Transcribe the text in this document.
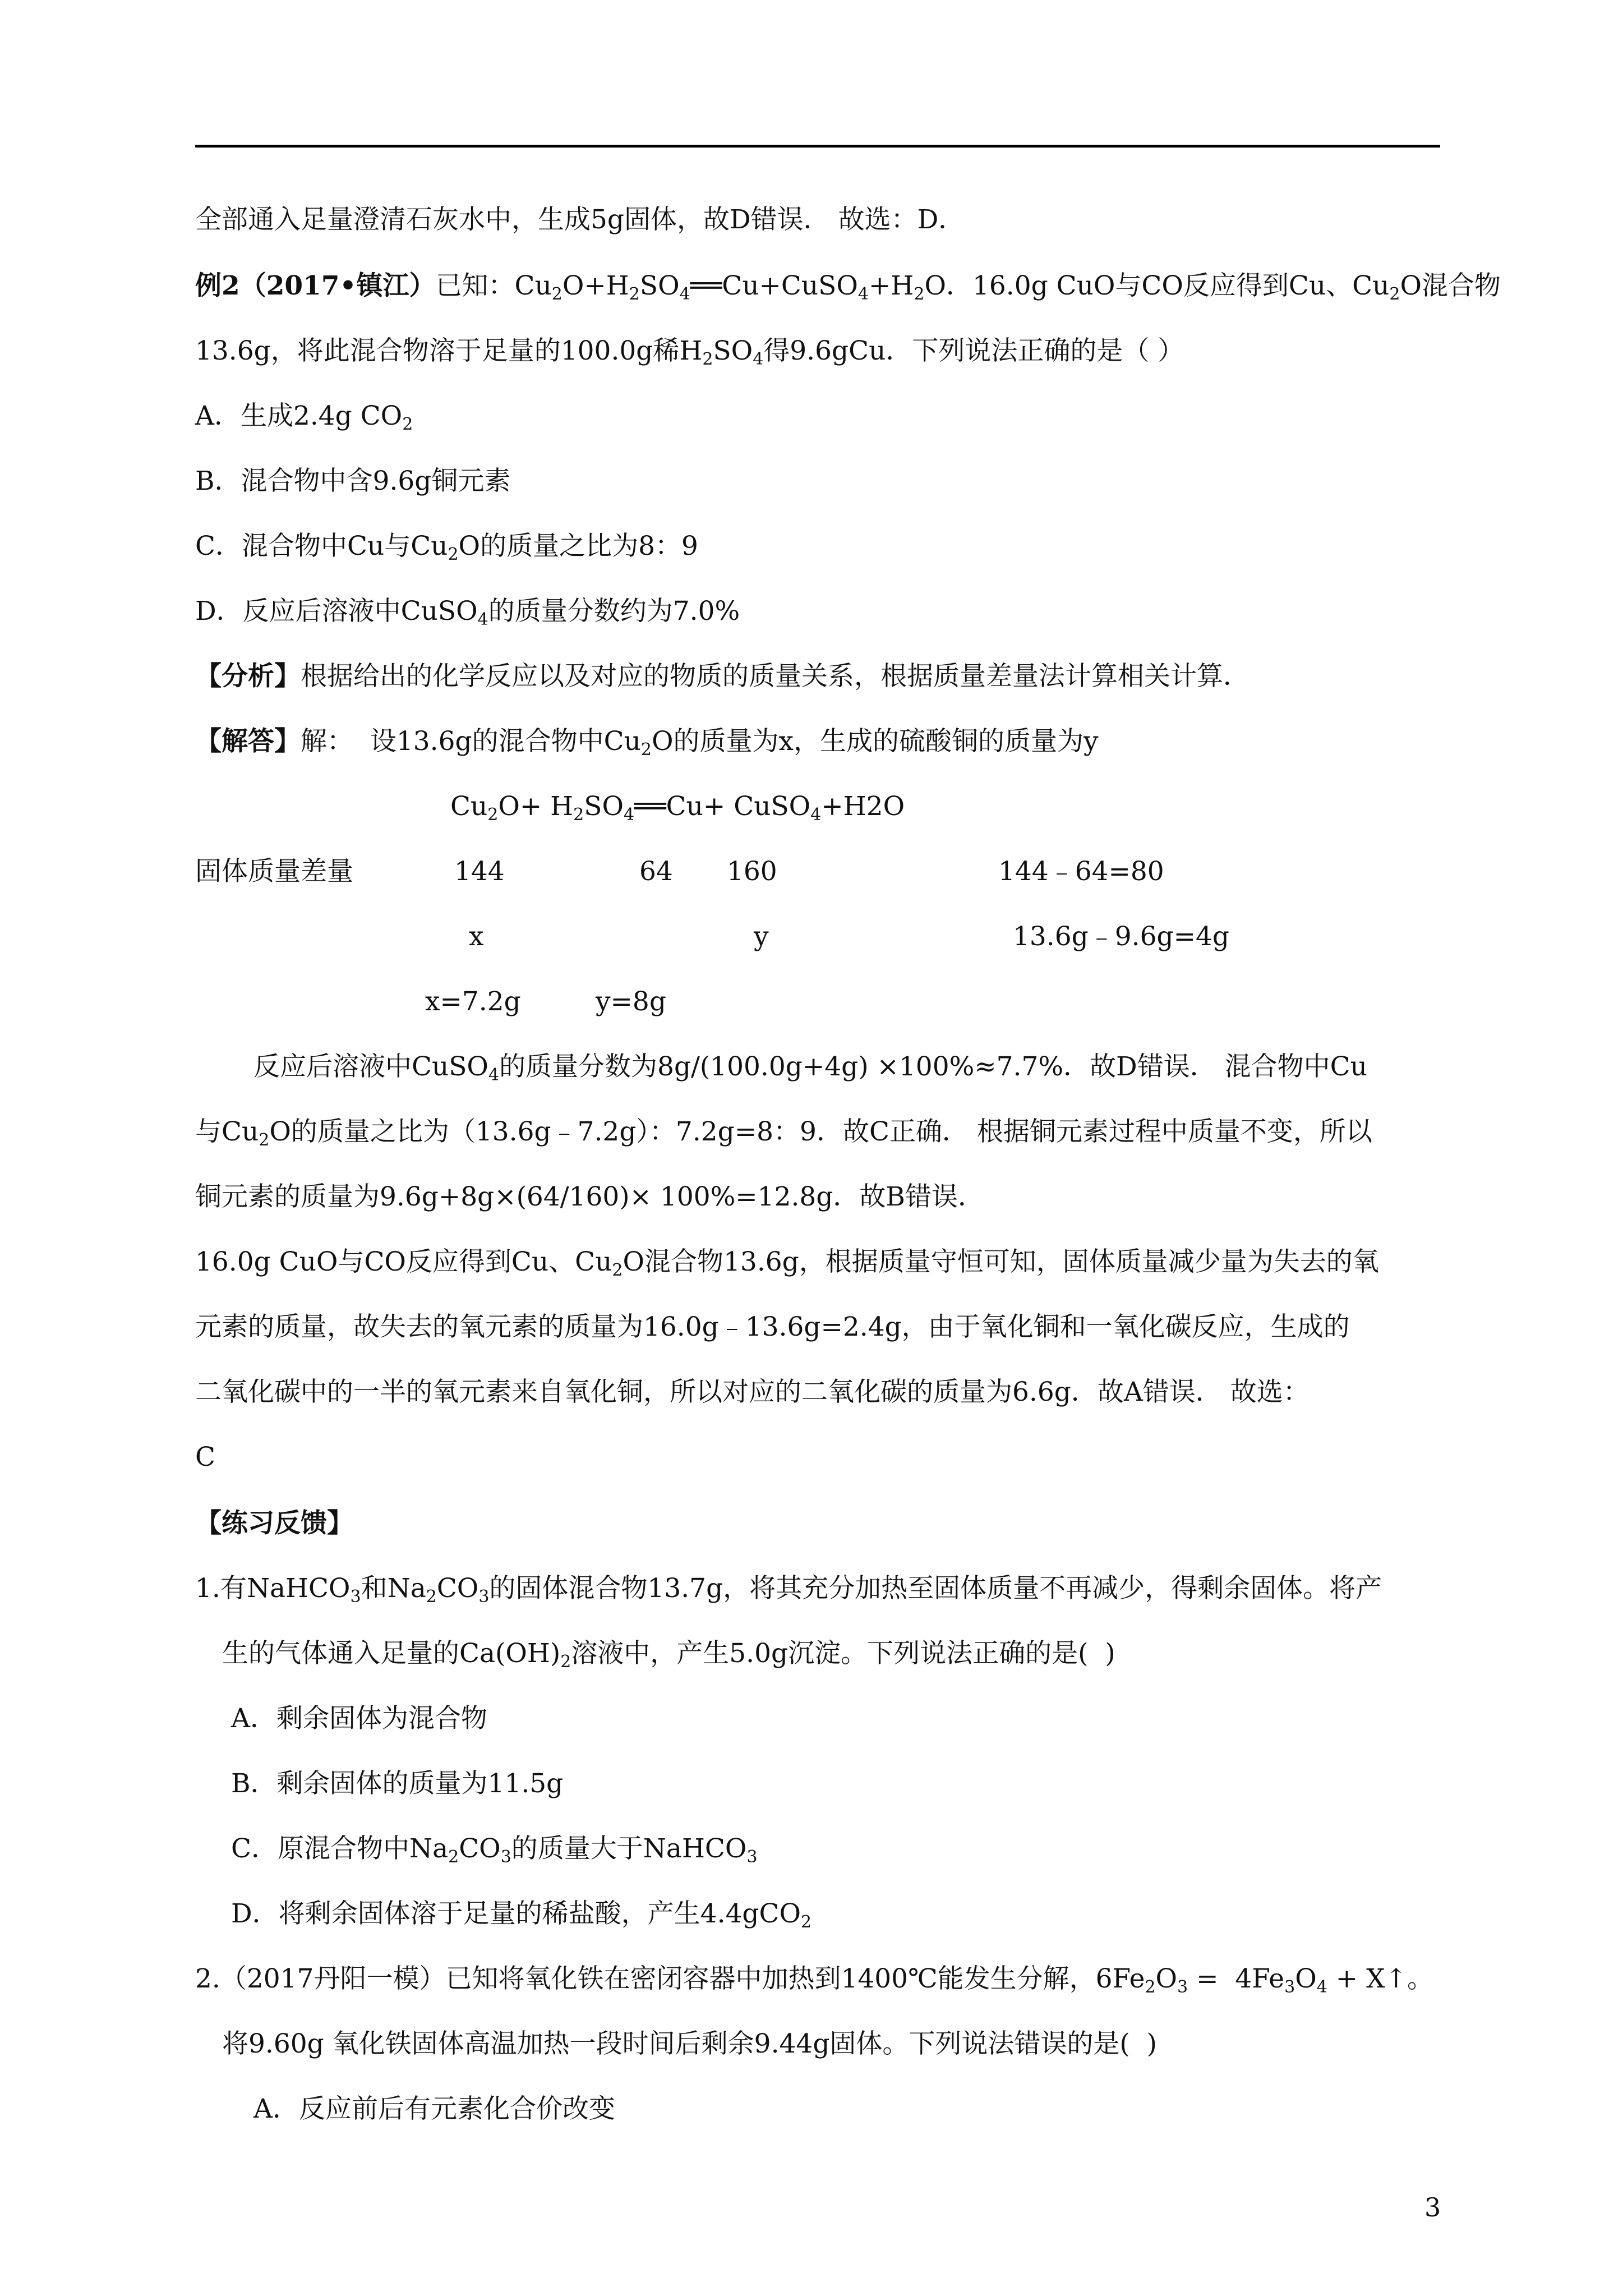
全部通入足量澄清石灰水中，生成5g固体，故D错误． 故选：D．
例2（2017•镇江）已知：$Cu_2O+H_2SO_4══Cu+CuSO_4+H_2O$．16.0g CuO与CO反应得到Cu、$Cu_2O$混合物
13.6g，将此混合物溶于足量的100.0g稀$H_2SO_4$得9.6gCu．下列说法正确的是（ ）
A．生成2.4g $CO_2$
B．混合物中含9.6g铜元素
C．混合物中Cu与$Cu_2O$的质量之比为8：9
D．反应后溶液中CuSO$_4$的质量分数约为7.0%
【分析】根据给出的化学反应以及对应的物质的质量关系，根据质量差量法计算相关计算．
【解答】解：  设13.6g的混合物中$Cu_2O$的质量为x，生成的硫酸铜的质量为y
$Cu_2O+$ $H_2SO_4══Cu+$ CuSO$_4$+H2O
固体质量差量	144	64 160	144﹣64=80
x	y	13.6g﹣9.6g=4g
x=7.2g	y=8g
反应后溶液中CuSO$_4$的质量分数为8g/(100.0g+4g) ×100%≈7.7%．故D错误． 混合物中Cu
与$Cu_2O$的质量之比为（13.6g﹣7.2g）：7.2g=8：9．故C正确． 根据铜元素过程中质量不变，所以
铜元素的质量为9.6g+8g×(64/160)× 100%=12.8g．故B错误．
16.0g CuO与CO反应得到Cu、$Cu_2O$混合物13.6g，根据质量守恒可知，固体质量减少量为失去的氧
元素的质量，故失去的氧元素的质量为16.0g﹣13.6g=2.4g，由于氧化铜和一氧化碳反应，生成的
二氧化碳中的一半的氧元素来自氧化铜，所以对应的二氧化碳的质量为6.6g．故A错误． 故选：
C
【练习反馈】
1.有NaHCO$_3$和$Na_2CO_3$的固体混合物13.7g，将其充分加热至固体质量不再减少，得剩余固体。将产
生的气体通入足量的$Ca(OH)_2$溶液中，产生5.0g沉淀。下列说法正确的是(  )
A．剩余固体为混合物
B．剩余固体的质量为11.5g
C．原混合物中$Na_2CO_3$的质量大于NaHCO$_3$
D．将剩余固体溶于足量的稀盐酸，产生4.4gCO$_2$
2.（2017丹阳一模）已知将氧化铁在密闭容器中加热到1400℃能发生分解，$6Fe_2O_3 = 4Fe_3O_4$ + X↑。
将9.60g 氧化铁固体高温加热一段时间后剩余9.44g固体。下列说法错误的是(  )
A．反应前后有元素化合价改变
3
